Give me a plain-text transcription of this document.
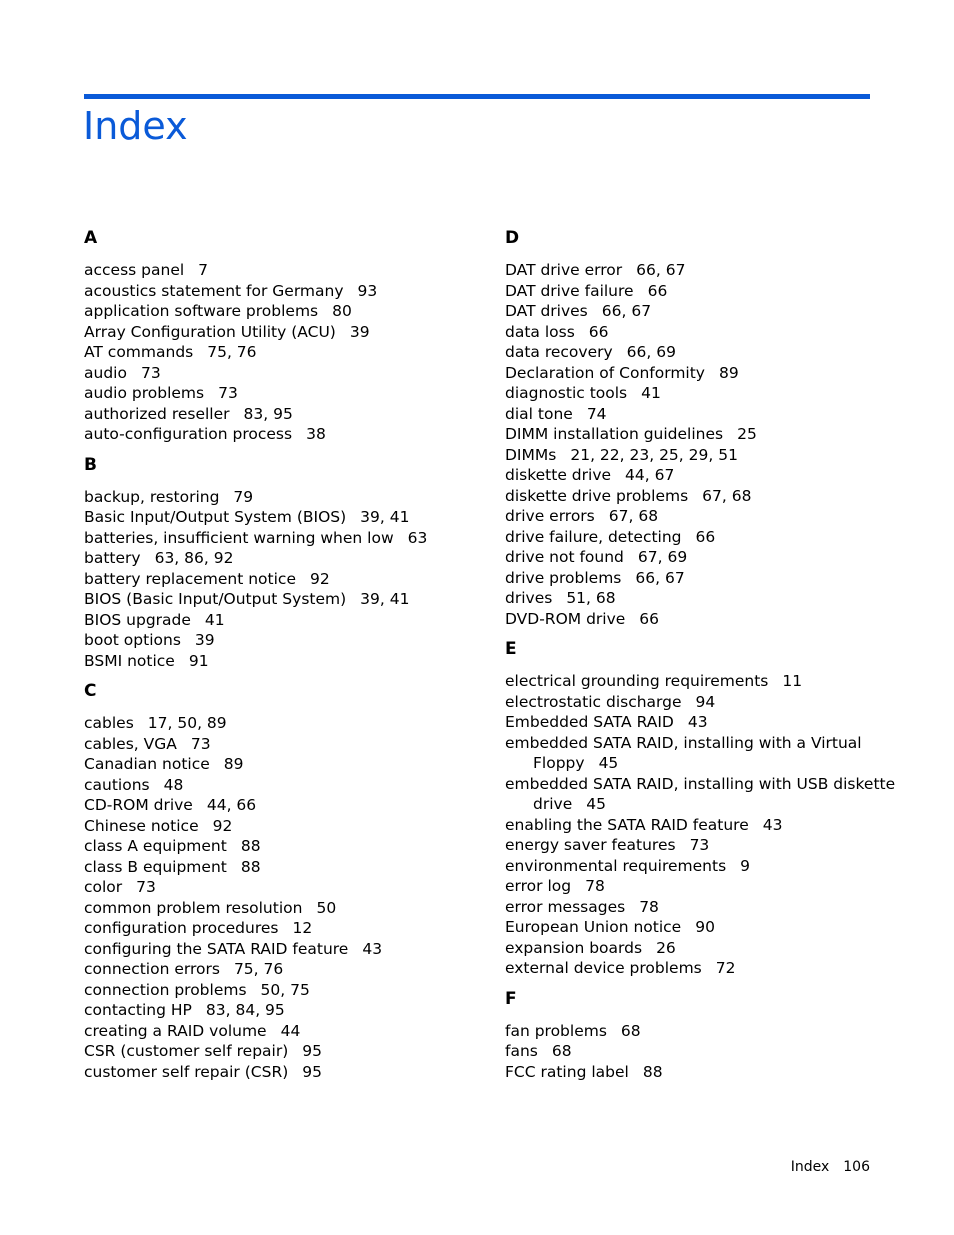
Index
A
access panel 7
acoustics statement for Germany 93
application software problems 80
Array Configuration Utility (ACU) 39
AT commands 75, 76
audio 73
audio problems 73
authorized reseller 83, 95
auto-configuration process 38
B
backup, restoring 79
Basic Input/Output System (BIOS) 39, 41
batteries, insufficient warning when low 63
battery 63, 86, 92
battery replacement notice 92
BIOS (Basic Input/Output System) 39, 41
BIOS upgrade 41
boot options 39
BSMI notice 91
C
cables 17, 50, 89
cables, VGA 73
Canadian notice 89
cautions 48
CD-ROM drive 44, 66
Chinese notice 92
class A equipment 88
class B equipment 88
color 73
common problem resolution 50
configuration procedures 12
configuring the SATA RAID feature 43
connection errors 75, 76
connection problems 50, 75
contacting HP 83, 84, 95
creating a RAID volume 44
CSR (customer self repair) 95
customer self repair (CSR) 95
D
DAT drive error 66, 67
DAT drive failure 66
DAT drives 66, 67
data loss 66
data recovery 66, 69
Declaration of Conformity 89
diagnostic tools 41
dial tone 74
DIMM installation guidelines 25
DIMMs 21, 22, 23, 25, 29, 51
diskette drive 44, 67
diskette drive problems 67, 68
drive errors 67, 68
drive failure, detecting 66
drive not found 67, 69
drive problems 66, 67
drives 51, 68
DVD-ROM drive 66
E
electrical grounding requirements 11
electrostatic discharge 94
Embedded SATA RAID 43
embedded SATA RAID, installing with a Virtual Floppy 45
embedded SATA RAID, installing with USB diskette drive 45
enabling the SATA RAID feature 43
energy saver features 73
environmental requirements 9
error log 78
error messages 78
European Union notice 90
expansion boards 26
external device problems 72
F
fan problems 68
fans 68
FCC rating label 88
Index 106
